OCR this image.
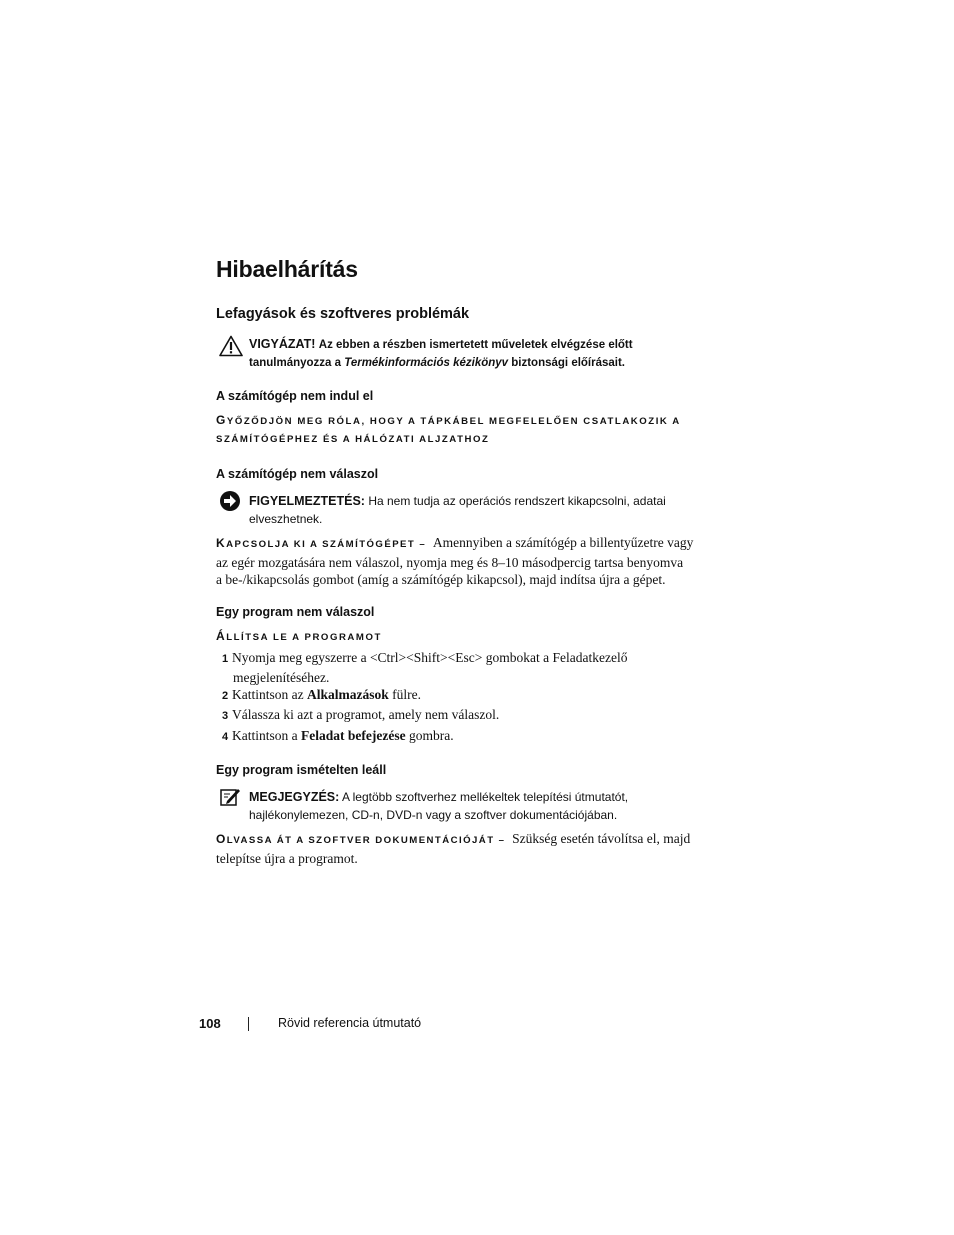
Hibaelhárítás
Lefagyások és szoftveres problémák
VIGYÁZAT! Az ebben a részben ismertetett műveletek elvégzése előtt
tanulmányozza a Termékinformációs kézikönyv biztonsági előírásait.
A számítógép nem indul el
GYŐZŐDJÖN MEG RÓLA, HOGY A TÁPKÁBEL MEGFELELŐEN CSATLAKOZIK A
SZÁMÍTÓGÉPHEZ ÉS A HÁLÓZATI ALJZATHOZ
A számítógép nem válaszol
FIGYELMEZTETÉS: Ha nem tudja az operációs rendszert kikapcsolni, adatai
elveszhetnek.
KAPCSOLJA KI A SZÁMÍTÓGÉPET – Amennyiben a számítógép a billentyűzetre vagy
az egér mozgatására nem válaszol, nyomja meg és 8–10 másodpercig tartsa benyomva
a be-/kikapcsolás gombot (amíg a számítógép kikapcsol), majd indítsa újra a gépet.
Egy program nem válaszol
ÁLLÍTSA LE A PROGRAMOT
1 Nyomja meg egyszerre a <Ctrl><Shift><Esc> gombokat a Feladatkezelő
megjelenítéséhez.
2 Kattintson az Alkalmazások fülre.
3 Válassza ki azt a programot, amely nem válaszol.
4 Kattintson a Feladat befejezése gombra.
Egy program ismételten leáll
MEGJEGYZÉS: A legtöbb szoftverhez mellékeltek telepítési útmutatót,
hajlékonylemezen, CD-n, DVD-n vagy a szoftver dokumentációjában.
OLVASSA ÁT A SZOFTVER DOKUMENTÁCIÓJÁT – Szükség esetén távolítsa el, majd
telepítse újra a programot.
108	Rövid referencia útmutató
